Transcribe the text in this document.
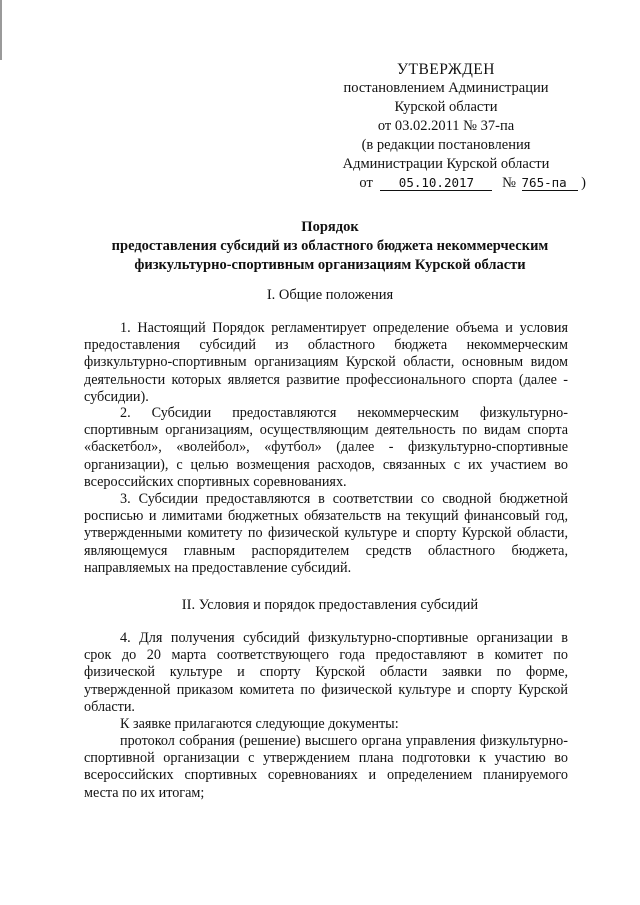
УТВЕРЖДЕН
постановлением Администрации
Курской области
от 03.02.2011 № 37-па
(в редакции постановления
Администрации Курской области
от 05.10.2017 № 765-па )
Порядок
предоставления субсидий из областного бюджета некоммерческим
физкультурно-спортивным организациям Курской области
I. Общие положения
1. Настоящий Порядок регламентирует определение объема и условия предоставления субсидий из областного бюджета некоммерческим физкультурно-спортивным организациям Курской области, основным видом деятельности которых является развитие профессионального спорта (далее - субсидии).
2. Субсидии предоставляются некоммерческим физкультурно-спортивным организациям, осуществляющим деятельность по видам спорта «баскетбол», «волейбол», «футбол» (далее - физкультурно-спортивные организации), с целью возмещения расходов, связанных с их участием во всероссийских спортивных соревнованиях.
3. Субсидии предоставляются в соответствии со сводной бюджетной росписью и лимитами бюджетных обязательств на текущий финансовый год, утвержденными комитету по физической культуре и спорту Курской области, являющемуся главным распорядителем средств областного бюджета, направляемых на предоставление субсидий.
II. Условия и порядок предоставления субсидий
4. Для получения субсидий физкультурно-спортивные организации в срок до 20 марта соответствующего года предоставляют в комитет по физической культуре и спорту Курской области заявки по форме, утвержденной приказом комитета по физической культуре и спорту Курской области.
К заявке прилагаются следующие документы:
протокол собрания (решение) высшего органа управления физкультурно-спортивной организации с утверждением плана подготовки к участию во всероссийских спортивных соревнованиях и определением планируемого места по их итогам;
